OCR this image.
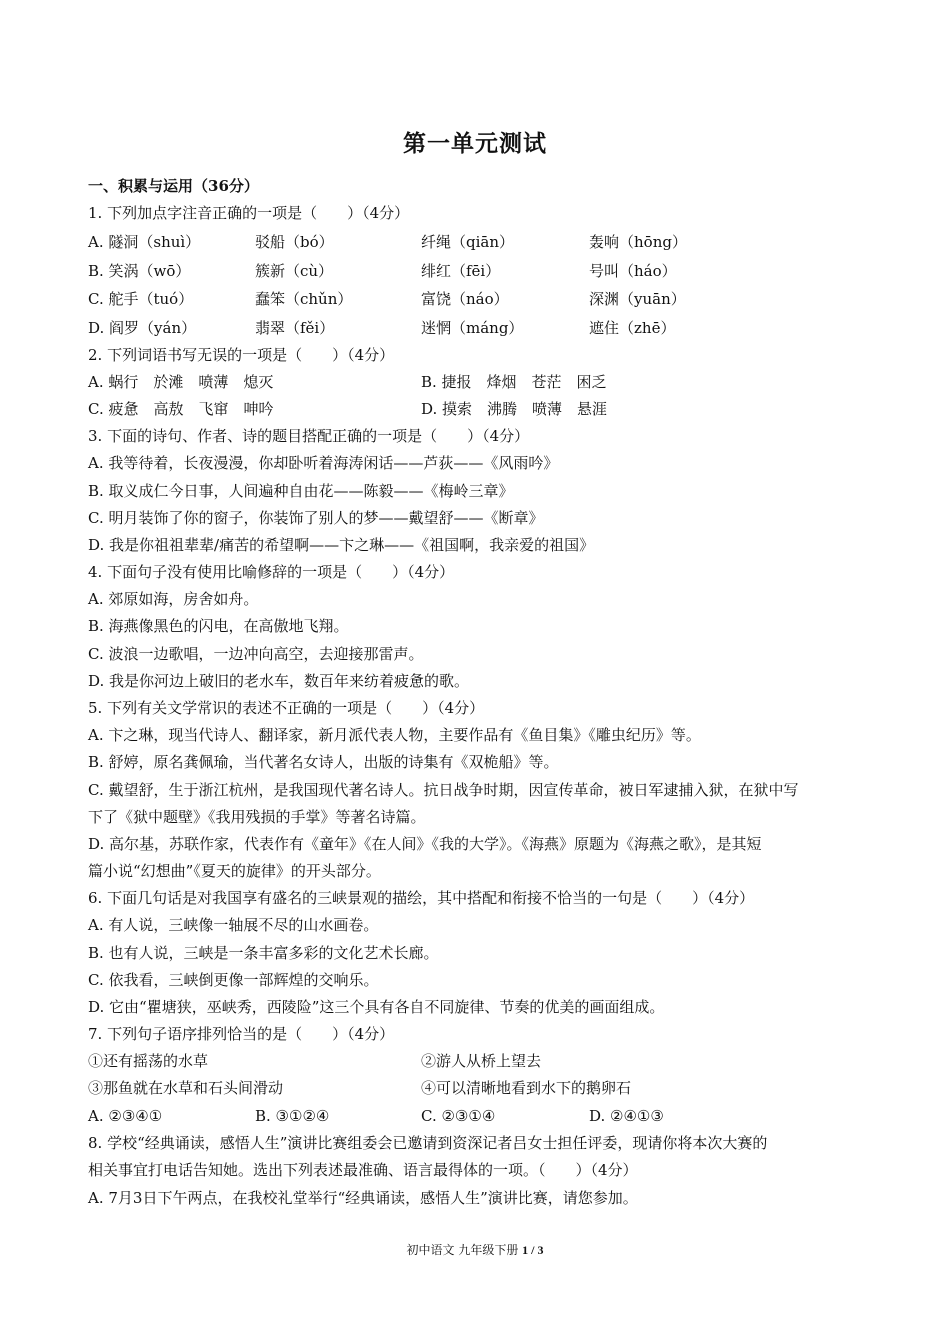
第一单元测试
一、积累与运用（36分）
1. 下列加点字注音正确的一项是（　　）（4分）
A. 隧洞（shuì）	驳船（bó）	纤绳（qiān）	轰响（hōng）
B. 笑涡（wō）	簇新（cù）	绯红（fēi）	号叫（háo）
C. 舵手（tuó）	蠢笨（chǔn）	富饶（náo）	深渊（yuān）
D. 阎罗（yán）	翡翠（fěi）	迷惘（máng）	遮住（zhē）
2. 下列词语书写无误的一项是（　　）（4分）
A. 蜗行　於滩　喷薄　熄灭	B. 捷报　烽烟　苍茫　困乏
C. 疲惫　高敖　飞窜　呻吟	D. 摸索　沸腾　喷薄　悬涯
3. 下面的诗句、作者、诗的题目搭配正确的一项是（　　）（4分）
A. 我等待着，长夜漫漫，你却卧听着海涛闲话——芦荻——《风雨吟》
B. 取义成仁今日事，人间遍种自由花——陈毅——《梅岭三章》
C. 明月装饰了你的窗子，你装饰了别人的梦——戴望舒——《断章》
D. 我是你祖祖辈辈/痛苦的希望啊——卞之琳——《祖国啊，我亲爱的祖国》
4. 下面句子没有使用比喻修辞的一项是（　　）（4分）
A. 郊原如海，房舍如舟。
B. 海燕像黑色的闪电，在高傲地飞翔。
C. 波浪一边歌唱，一边冲向高空，去迎接那雷声。
D. 我是你河边上破旧的老水车，数百年来纺着疲惫的歌。
5. 下列有关文学常识的表述不正确的一项是（　　）（4分）
A. 卞之琳，现当代诗人、翻译家，新月派代表人物，主要作品有《鱼目集》《雕虫纪历》等。
B. 舒婷，原名龚佩瑜，当代著名女诗人，出版的诗集有《双桅船》等。
C. 戴望舒，生于浙江杭州，是我国现代著名诗人。抗日战争时期，因宣传革命，被日军逮捕入狱，在狱中写
下了《狱中题壁》《我用残损的手掌》等著名诗篇。
D. 高尔基，苏联作家，代表作有《童年》《在人间》《我的大学》。《海燕》原题为《海燕之歌》，是其短
篇小说“幻想曲”《夏天的旋律》的开头部分。
6. 下面几句话是对我国享有盛名的三峡景观的描绘，其中搭配和衔接不恰当的一句是（　　）（4分）
A. 有人说，三峡像一轴展不尽的山水画卷。
B. 也有人说，三峡是一条丰富多彩的文化艺术长廊。
C. 依我看，三峡倒更像一部辉煌的交响乐。
D. 它由“瞿塘狭，巫峡秀，西陵险”这三个具有各自不同旋律、节奏的优美的画面组成。
7. 下列句子语序排列恰当的是（　　）（4分）
①还有摇荡的水草	②游人从桥上望去
③那鱼就在水草和石头间滑动	④可以清晰地看到水下的鹅卵石
A. ②③④①	B. ③①②④	C. ②③①④	D. ②④①③
8. 学校“经典诵读，感悟人生”演讲比赛组委会已邀请到资深记者吕女士担任评委，现请你将本次大赛的
相关事宜打电话告知她。选出下列表述最准确、语言最得体的一项。（　　）（4分）
A. 7月3日下午两点，在我校礼堂举行“经典诵读，感悟人生”演讲比赛，请您参加。
初中语文 九年级下册 1 / 3
